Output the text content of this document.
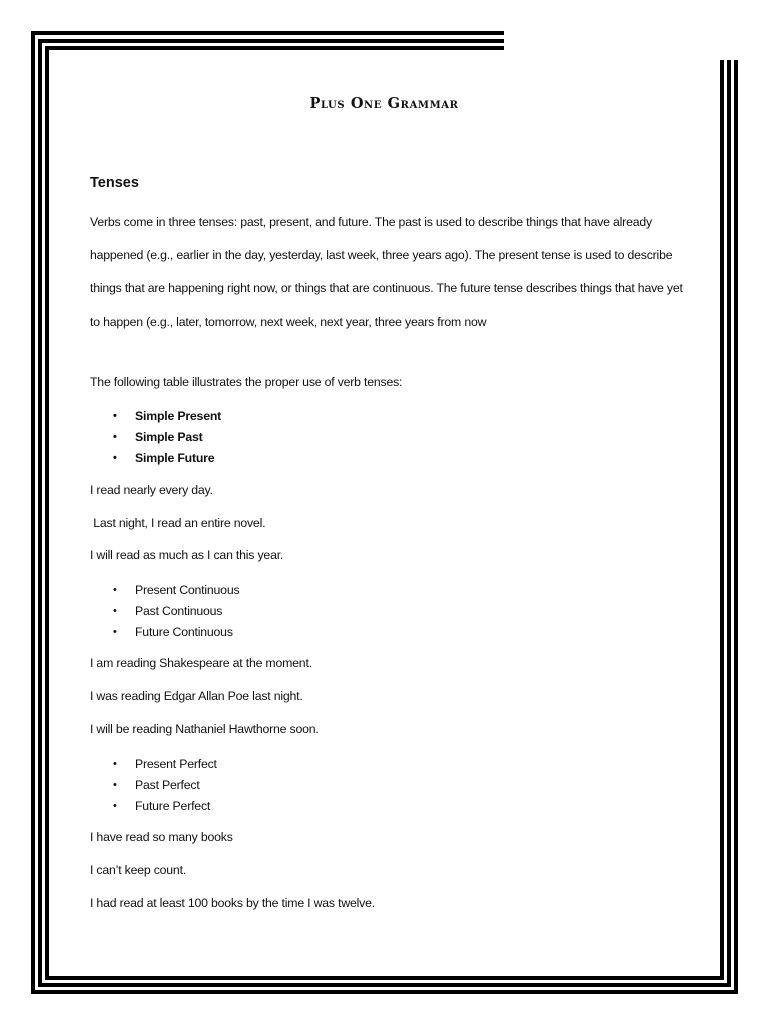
Plus One Grammar
Tenses

Verbs come in three tenses: past, present, and future. The past is used to describe things that have already happened (e.g., earlier in the day, yesterday, last week, three years ago). The present tense is used to describe things that are happening right now, or things that are continuous. The future tense describes things that have yet to happen (e.g., later, tomorrow, next week, next year, three years from now

The following table illustrates the proper use of verb tenses:

• Simple Present
• Simple Past
• Simple Future

I read nearly every day.

Last night, I read an entire novel.

I will read as much as I can this year.

• Present Continuous
• Past Continuous
• Future Continuous

I am reading Shakespeare at the moment.

I was reading Edgar Allan Poe last night.

I will be reading Nathaniel Hawthorne soon.

• Present Perfect
• Past Perfect
• Future Perfect

I have read so many books

I can’t keep count.

I had read at least 100 books by the time I was twelve.
